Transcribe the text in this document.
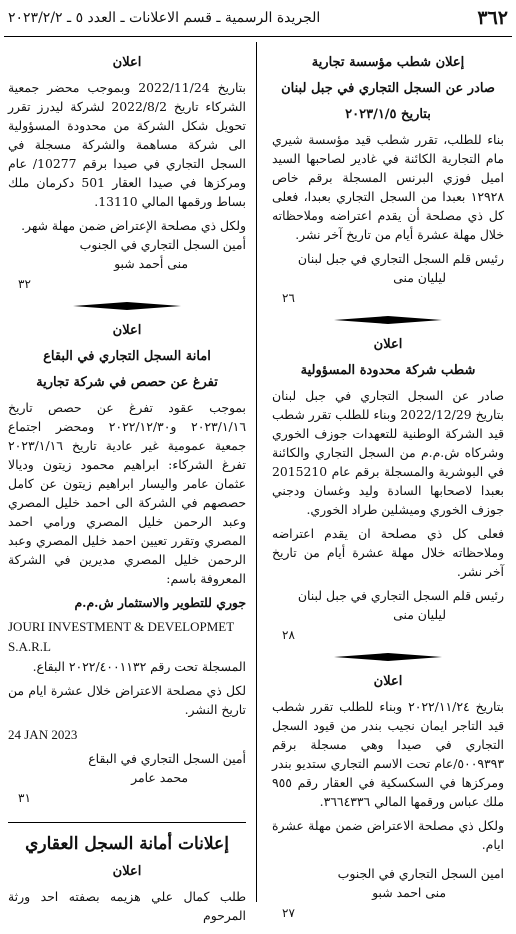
٣٦٢
الجريدة الرسمية ـ قسم الاعلانات ـ العدد ٥ ـ ٢٠٢٣/٢/٢
إعلان شطب مؤسسة تجارية
صادر عن السجل التجاري في جبل لبنان
بتاريخ ٢٠٢٣/١/٥

بناء للطلب، تقرر شطب قيد مؤسسة شيري مام التجارية الكائنة في غادير لصاحبها السيد اميل فوزي البرنس المسجلة برقم خاص ١٢٩٢٨ بعبدا من السجل التجاري بعبدا، فعلى كل ذي مصلحة أن يقدم اعتراضه وملاحظاته خلال مهلة عشرة أيام من تاريخ آخر نشر.

رئيس قلم السجل التجاري في جبل لبنان

ليليان منى

٢٦
اعلان
شطب شركة محدودة المسؤولية

صادر عن السجل التجاري في جبل لبنان بتاريخ 2022/12/29 وبناء للطلب تقرر شطب قيد الشركة الوطنية للتعهدات جوزف الخوري وشركاه ش.م.م من السجل التجاري والكائنة في البوشرية والمسجلة برقم عام 2015210 بعبدا لاصحابها السادة وليد وغسان ودجني جوزف الخوري وميشلين طراد الخوري.

فعلى كل ذي مصلحة ان يقدم اعتراضه وملاحظاته خلال مهلة عشرة أيام من تاريخ آخر نشر.

رئيس قلم السجل التجاري في جبل لبنان

ليليان منى

٢٨
اعلان

بتاريخ ٢٠٢٢/١١/٢٤ وبناء للطلب تقرر شطب قيد التاجر ايمان نجيب بندر من قيود السجل التجاري في صيدا وهي مسجلة برقم ٥٠٠٩٣٩٣/عام تحت الاسم التجاري ستديو بندر ومركزها في السكسكية في العقار رقم ٩٥٥ ملك عباس ورقمها المالي ٣٦٦٤٣٣٦.

ولكل ذي مصلحة الاعتراض ضمن مهلة عشرة ايام.

امين السجل التجاري في الجنوب

منى احمد شبو

٢٧
اعلان

بتاريخ 2022/11/24 وبموجب محضر جمعية الشركاء تاريخ 2022/8/2 لشركة ليدرز تقرر تحويل شكل الشركة من محدودة المسؤولية الى شركة مساهمة والشركة مسجلة في السجل التجاري في صيدا برقم 10277/ عام ومركزها في صيدا العقار 501 دكرمان ملك بساط ورقمها المالي 13110.

ولكل ذي مصلحة الإعتراض ضمن مهلة شهر.

أمين السجل التجاري في الجنوب

منى أحمد شبو

٣٢
اعلان
امانة السجل التجاري في البقاع
تفرغ عن حصص في شركة تجارية

بموجب عقود تفرغ عن حصص تاريخ ٢٠٢٣/١/١٦ و٢٠٢٢/١٢/٣٠ ومحضر اجتماع جمعية عمومية غير عادية تاريخ ٢٠٢٣/١/١٦ تفرغ الشركاء: ابراهيم محمود زيتون وديالا عثمان عامر واليسار ابراهيم زيتون عن كامل حصصهم في الشركة الى احمد خليل المصري وعبد الرحمن خليل المصري ورامي احمد المصري وتقرر تعيين احمد خليل المصري وعبد الرحمن خليل المصري مديرين في الشركة المعروفة باسم:

جوري للتطوير والاستثمار ش.م.م

JOURI INVESTMENT & DEVELOPMET

S.A.R.L

المسجلة تحت رقم ٢٠٢٢/٤٠٠١١٣٢ البقاع.

لكل ذي مصلحة الاعتراض خلال عشرة ايام من تاريخ النشر.

24 JAN 2023

أمين السجل التجاري في البقاع

محمد عامر

٣١
إعلانات أمانة السجل العقاري
اعلان

طلب كمال علي هزيمه بصفته احد ورثة المرحوم
